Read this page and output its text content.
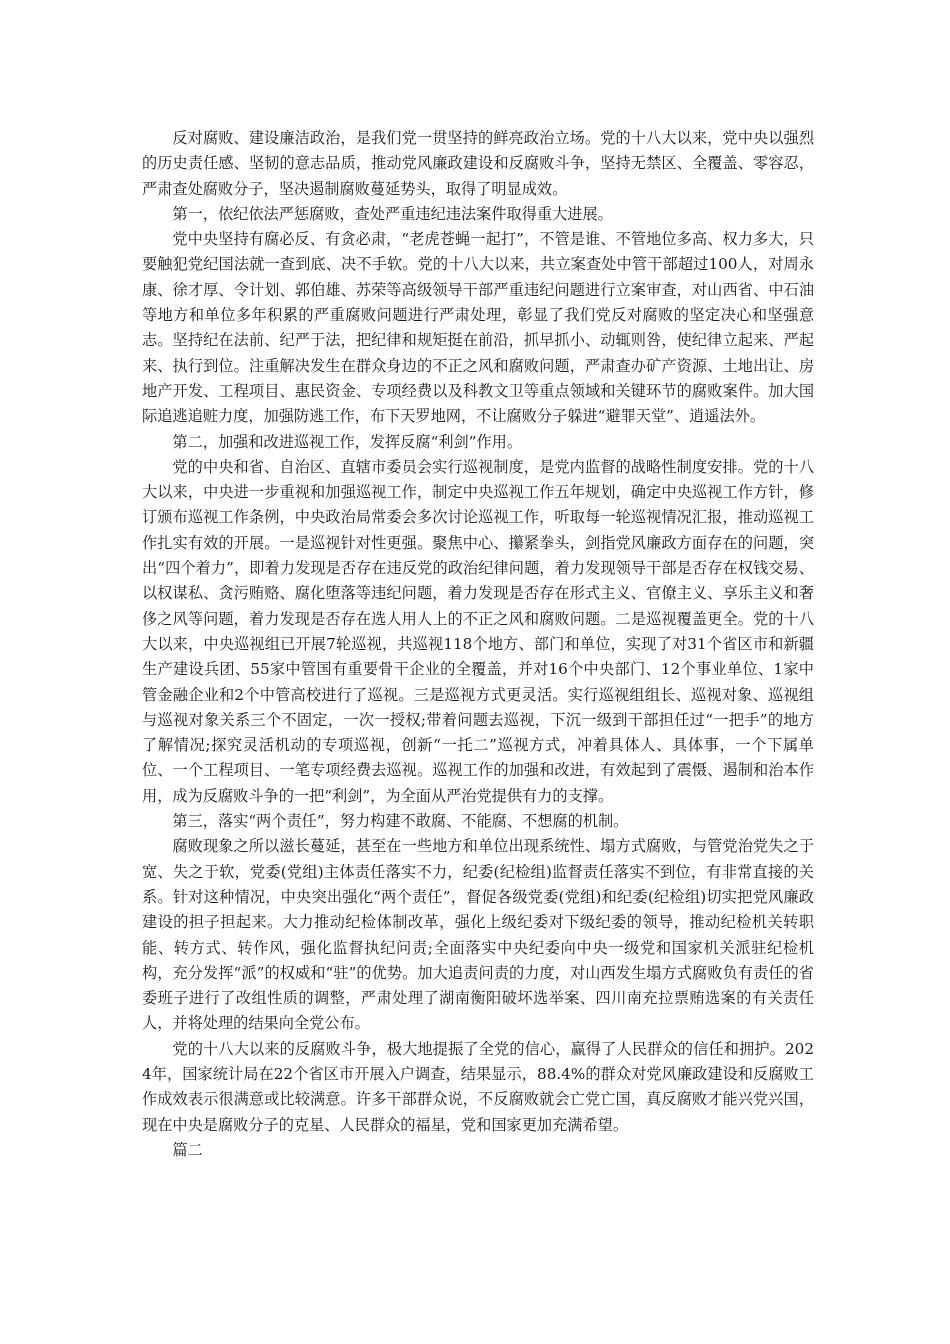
反对腐败、建设廉洁政治，是我们党一贯坚持的鲜亮政治立场。党的十八大以来，党中央以强烈的历史责任感、坚韧的意志品质，推动党风廉政建设和反腐败斗争，坚持无禁区、全覆盖、零容忍，严肃查处腐败分子，坚决遏制腐败蔓延势头，取得了明显成效。

第一，依纪依法严惩腐败，查处严重违纪违法案件取得重大进展。

党中央坚持有腐必反、有贪必肃，“老虎苍蝇一起打”，不管是谁、不管地位多高、权力多大，只要触犯党纪国法就一查到底、决不手软。党的十八大以来，共立案查处中管干部超过100人，对周永康、徐才厚、令计划、郭伯雄、苏荣等高级领导干部严重违纪问题进行立案审查，对山西省、中石油等地方和单位多年积累的严重腐败问题进行严肃处理，彰显了我们党反对腐败的坚定决心和坚强意志。坚持纪在法前、纪严于法，把纪律和规矩挺在前沿，抓早抓小、动辄则咎，使纪律立起来、严起来、执行到位。注重解决发生在群众身边的不正之风和腐败问题，严肃查办矿产资源、土地出让、房地产开发、工程项目、惠民资金、专项经费以及科教文卫等重点领域和关键环节的腐败案件。加大国际追逃追赃力度，加强防逃工作，布下天罗地网，不让腐败分子躲进“避罪天堂”、逍遥法外。

第二，加强和改进巡视工作，发挥反腐“利剑”作用。

党的中央和省、自治区、直辖市委员会实行巡视制度，是党内监督的战略性制度安排。党的十八大以来，中央进一步重视和加强巡视工作，制定中央巡视工作五年规划，确定中央巡视工作方针，修订颁布巡视工作条例，中央政治局常委会多次讨论巡视工作，听取每一轮巡视情况汇报，推动巡视工作扎实有效的开展。一是巡视针对性更强。聚焦中心、攥紧拳头，剑指党风廉政方面存在的问题，突出“四个着力”，即着力发现是否存在违反党的政治纪律问题，着力发现领导干部是否存在权钱交易、以权谋私、贪污贿赂、腐化堕落等违纪问题，着力发现是否存在形式主义、官僚主义、享乐主义和奢侈之风等问题，着力发现是否存在选人用人上的不正之风和腐败问题。二是巡视覆盖更全。党的十八大以来，中央巡视组已开展7轮巡视，共巡视118个地方、部门和单位，实现了对31个省区市和新疆生产建设兵团、55家中管国有重要骨干企业的全覆盖，并对16个中央部门、12个事业单位、1家中管金融企业和2个中管高校进行了巡视。三是巡视方式更灵活。实行巡视组组长、巡视对象、巡视组与巡视对象关系三个不固定，一次一授权;带着问题去巡视，下沉一级到干部担任过“一把手”的地方了解情况;探究灵活机动的专项巡视，创新“一托二”巡视方式，冲着具体人、具体事，一个下属单位、一个工程项目、一笔专项经费去巡视。巡视工作的加强和改进，有效起到了震慑、遏制和治本作用，成为反腐败斗争的一把“利剑”，为全面从严治党提供有力的支撑。

第三，落实“两个责任”，努力构建不敢腐、不能腐、不想腐的机制。

腐败现象之所以滋长蔓延，甚至在一些地方和单位出现系统性、塌方式腐败，与管党治党失之于宽、失之于软，党委(党组)主体责任落实不力，纪委(纪检组)监督责任落实不到位，有非常直接的关系。针对这种情况，中央突出强化“两个责任”，督促各级党委(党组)和纪委(纪检组)切实把党风廉政建设的担子担起来。大力推动纪检体制改革，强化上级纪委对下级纪委的领导，推动纪检机关转职能、转方式、转作风，强化监督执纪问责;全面落实中央纪委向中央一级党和国家机关派驻纪检机构，充分发挥“派”的权威和“驻”的优势。加大追责问责的力度，对山西发生塌方式腐败负有责任的省委班子进行了改组性质的调整，严肃处理了湖南衡阳破坏选举案、四川南充拉票贿选案的有关责任人，并将处理的结果向全党公布。

党的十八大以来的反腐败斗争，极大地提振了全党的信心，赢得了人民群众的信任和拥护。2024年，国家统计局在22个省区市开展入户调查，结果显示，88.4%的群众对党风廉政建设和反腐败工作成效表示很满意或比较满意。许多干部群众说，不反腐败就会亡党亡国，真反腐败才能兴党兴国，现在中央是腐败分子的克星、人民群众的福星，党和国家更加充满希望。

篇二
